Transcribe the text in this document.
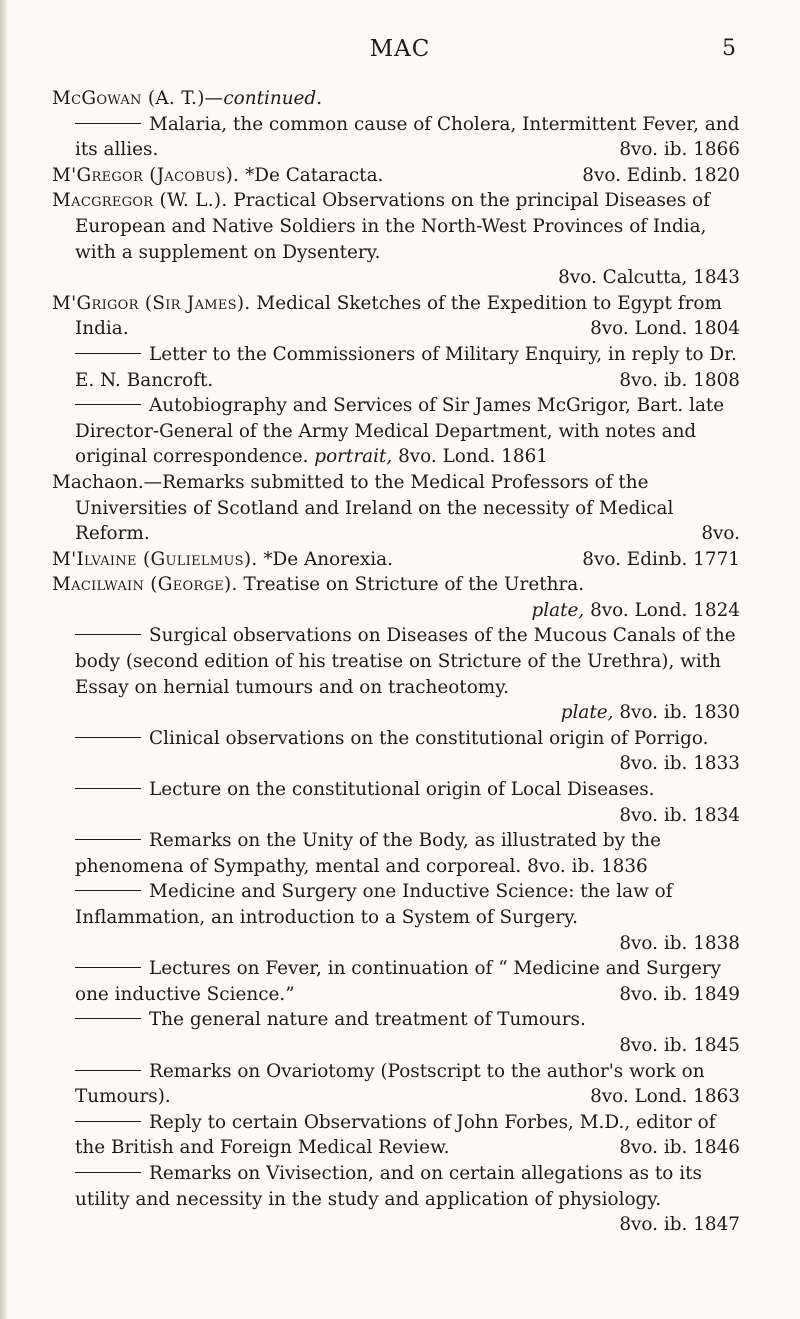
MAC	5

McGowan (A. T.)—continued.

Malaria, the common cause of Cholera, Intermittent Fever, and its allies.	8vo. ib. 1866

M'Gregor (Jacobus). *De Cataracta.	8vo. Edinb. 1820

Macgregor (W. L.). Practical Observations on the principal Diseases of European and Native Soldiers in the North-West Provinces of India, with a supplement on Dysentery.
8vo. Calcutta, 1843

M'Grigor (Sir James). Medical Sketches of the Expedition to Egypt from India.	8vo. Lond. 1804

Letter to the Commissioners of Military Enquiry, in reply to Dr. E. N. Bancroft.	8vo. ib. 1808

Autobiography and Services of Sir James McGrigor, Bart. late Director-General of the Army Medical Department, with notes and original correspondence. portrait, 8vo. Lond. 1861

Machaon.—Remarks submitted to the Medical Professors of the Universities of Scotland and Ireland on the necessity of Medical Reform.	8vo.

M'Ilvaine (Gulielmus). *De Anorexia.	8vo. Edinb. 1771

Macilwain (George). Treatise on Stricture of the Urethra.
plate, 8vo. Lond. 1824

Surgical observations on Diseases of the Mucous Canals of the body (second edition of his treatise on Stricture of the Urethra), with Essay on hernial tumours and on tracheotomy.
plate, 8vo. ib. 1830

Clinical observations on the constitutional origin of Porrigo.
8vo. ib. 1833

Lecture on the constitutional origin of Local Diseases.
8vo. ib. 1834

Remarks on the Unity of the Body, as illustrated by the phenomena of Sympathy, mental and corporeal. 8vo. ib. 1836

Medicine and Surgery one Inductive Science: the law of Inflammation, an introduction to a System of Surgery.
8vo. ib. 1838

Lectures on Fever, in continuation of “ Medicine and Surgery one inductive Science.”	8vo. ib. 1849

The general nature and treatment of Tumours.
8vo. ib. 1845

Remarks on Ovariotomy (Postscript to the author's work on Tumours).	8vo. Lond. 1863

Reply to certain Observations of John Forbes, M.D., editor of the British and Foreign Medical Review.	8vo. ib. 1846

Remarks on Vivisection, and on certain allegations as to its utility and necessity in the study and application of physiology.
8vo. ib. 1847
